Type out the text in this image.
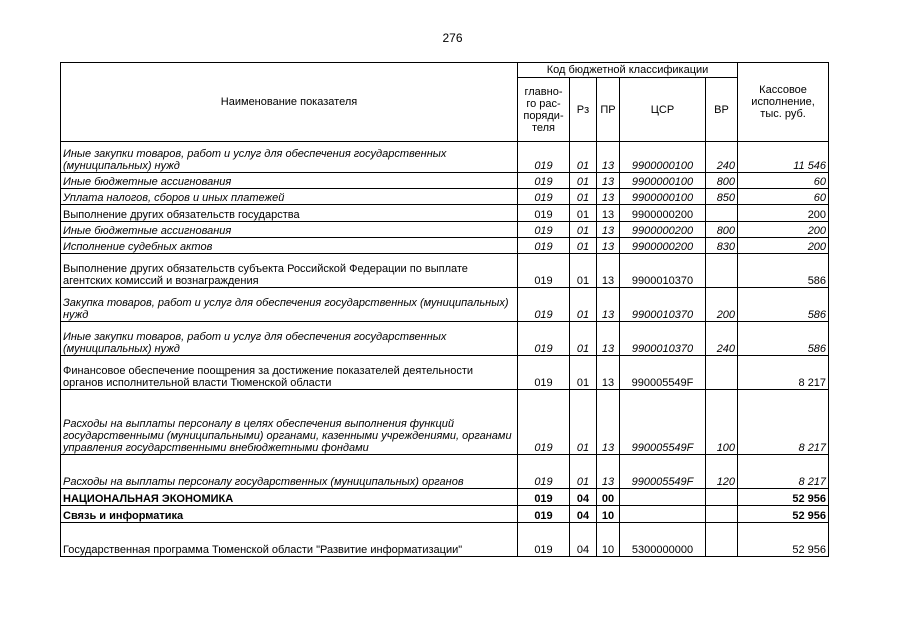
276
Наименование показателя	Код бюджетной классификации					Кассовое исполнение, тыс. руб.
	главно-го рас-поряди-теля	Рз	ПР	ЦСР	ВР	
Иные закупки товаров, работ и услуг для обеспечения государственных (муниципальных) нужд	019	01	13	9900000100	240	11 546
Иные бюджетные ассигнования	019	01	13	9900000100	800	60
Уплата налогов, сборов и иных платежей	019	01	13	9900000100	850	60
Выполнение других обязательств государства	019	01	13	9900000200		200
Иные бюджетные ассигнования	019	01	13	9900000200	800	200
Исполнение судебных актов	019	01	13	9900000200	830	200
Выполнение других обязательств субъекта Российской Федерации по выплате агентских комиссий и вознаграждения	019	01	13	9900010370		586
Закупка товаров, работ и услуг для обеспечения государственных (муниципальных) нужд	019	01	13	9900010370	200	586
Иные закупки товаров, работ и услуг для обеспечения государственных (муниципальных) нужд	019	01	13	9900010370	240	586
Финансовое обеспечение поощрения за достижение показателей деятельности органов исполнительной власти Тюменской области	019	01	13	990005549F		8 217
Расходы на выплаты персоналу в целях обеспечения выполнения функций государственными (муниципальными) органами, казенными учреждениями, органами управления государственными внебюджетными фондами	019	01	13	990005549F	100	8 217
Расходы на выплаты персоналу государственных (муниципальных) органов	019	01	13	990005549F	120	8 217
НАЦИОНАЛЬНАЯ ЭКОНОМИКА	019	04	00			52 956
Связь и информатика	019	04	10			52 956
Государственная программа Тюменской области "Развитие информатизации"	019	04	10	5300000000		52 956
